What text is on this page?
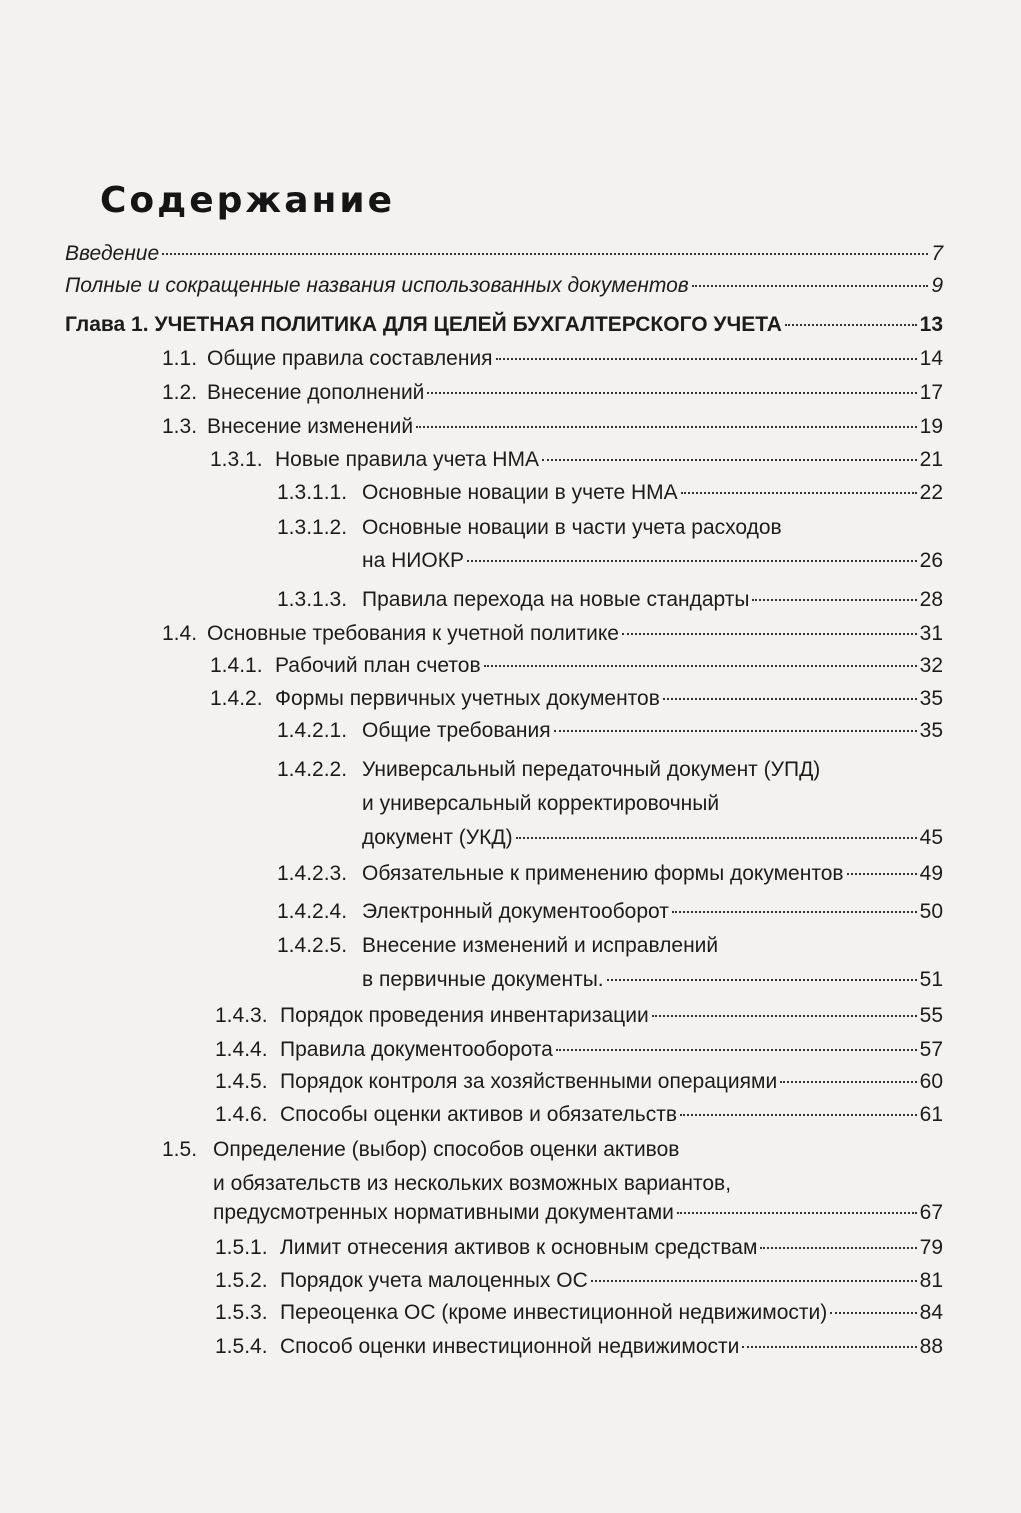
Содержание
Введение	7
Полные и сокращенные названия использованных документов	9
Глава 1. УЧЕТНАЯ ПОЛИТИКА ДЛЯ ЦЕЛЕЙ БУХГАЛТЕРСКОГО УЧЕТА	13
1.1. Общие правила составления	14
1.2. Внесение дополнений	17
1.3. Внесение изменений	19
1.3.1. Новые правила учета НМА	21
1.3.1.1. Основные новации в учете НМА	22
1.3.1.2. Основные новации в части учета расходов
на НИОКР	26
1.3.1.3. Правила перехода на новые стандарты	28
1.4. Основные требования к учетной политике	31
1.4.1. Рабочий план счетов	32
1.4.2. Формы первичных учетных документов	35
1.4.2.1. Общие требования	35
1.4.2.2. Универсальный передаточный документ (УПД)
и универсальный корректировочный
документ (УКД)	45
1.4.2.3. Обязательные к применению формы документов	49
1.4.2.4. Электронный документооборот	50
1.4.2.5. Внесение изменений и исправлений
в первичные документы.	51
1.4.3. Порядок проведения инвентаризации	55
1.4.4. Правила документооборота	57
1.4.5. Порядок контроля за хозяйственными операциями	60
1.4.6. Способы оценки активов и обязательств	61
1.5. Определение (выбор) способов оценки активов
и обязательств из нескольких возможных вариантов,
предусмотренных нормативными документами	67
1.5.1. Лимит отнесения активов к основным средствам	79
1.5.2. Порядок учета малоценных ОС	81
1.5.3. Переоценка ОС (кроме инвестиционной недвижимости)	84
1.5.4. Способ оценки инвестиционной недвижимости	88
